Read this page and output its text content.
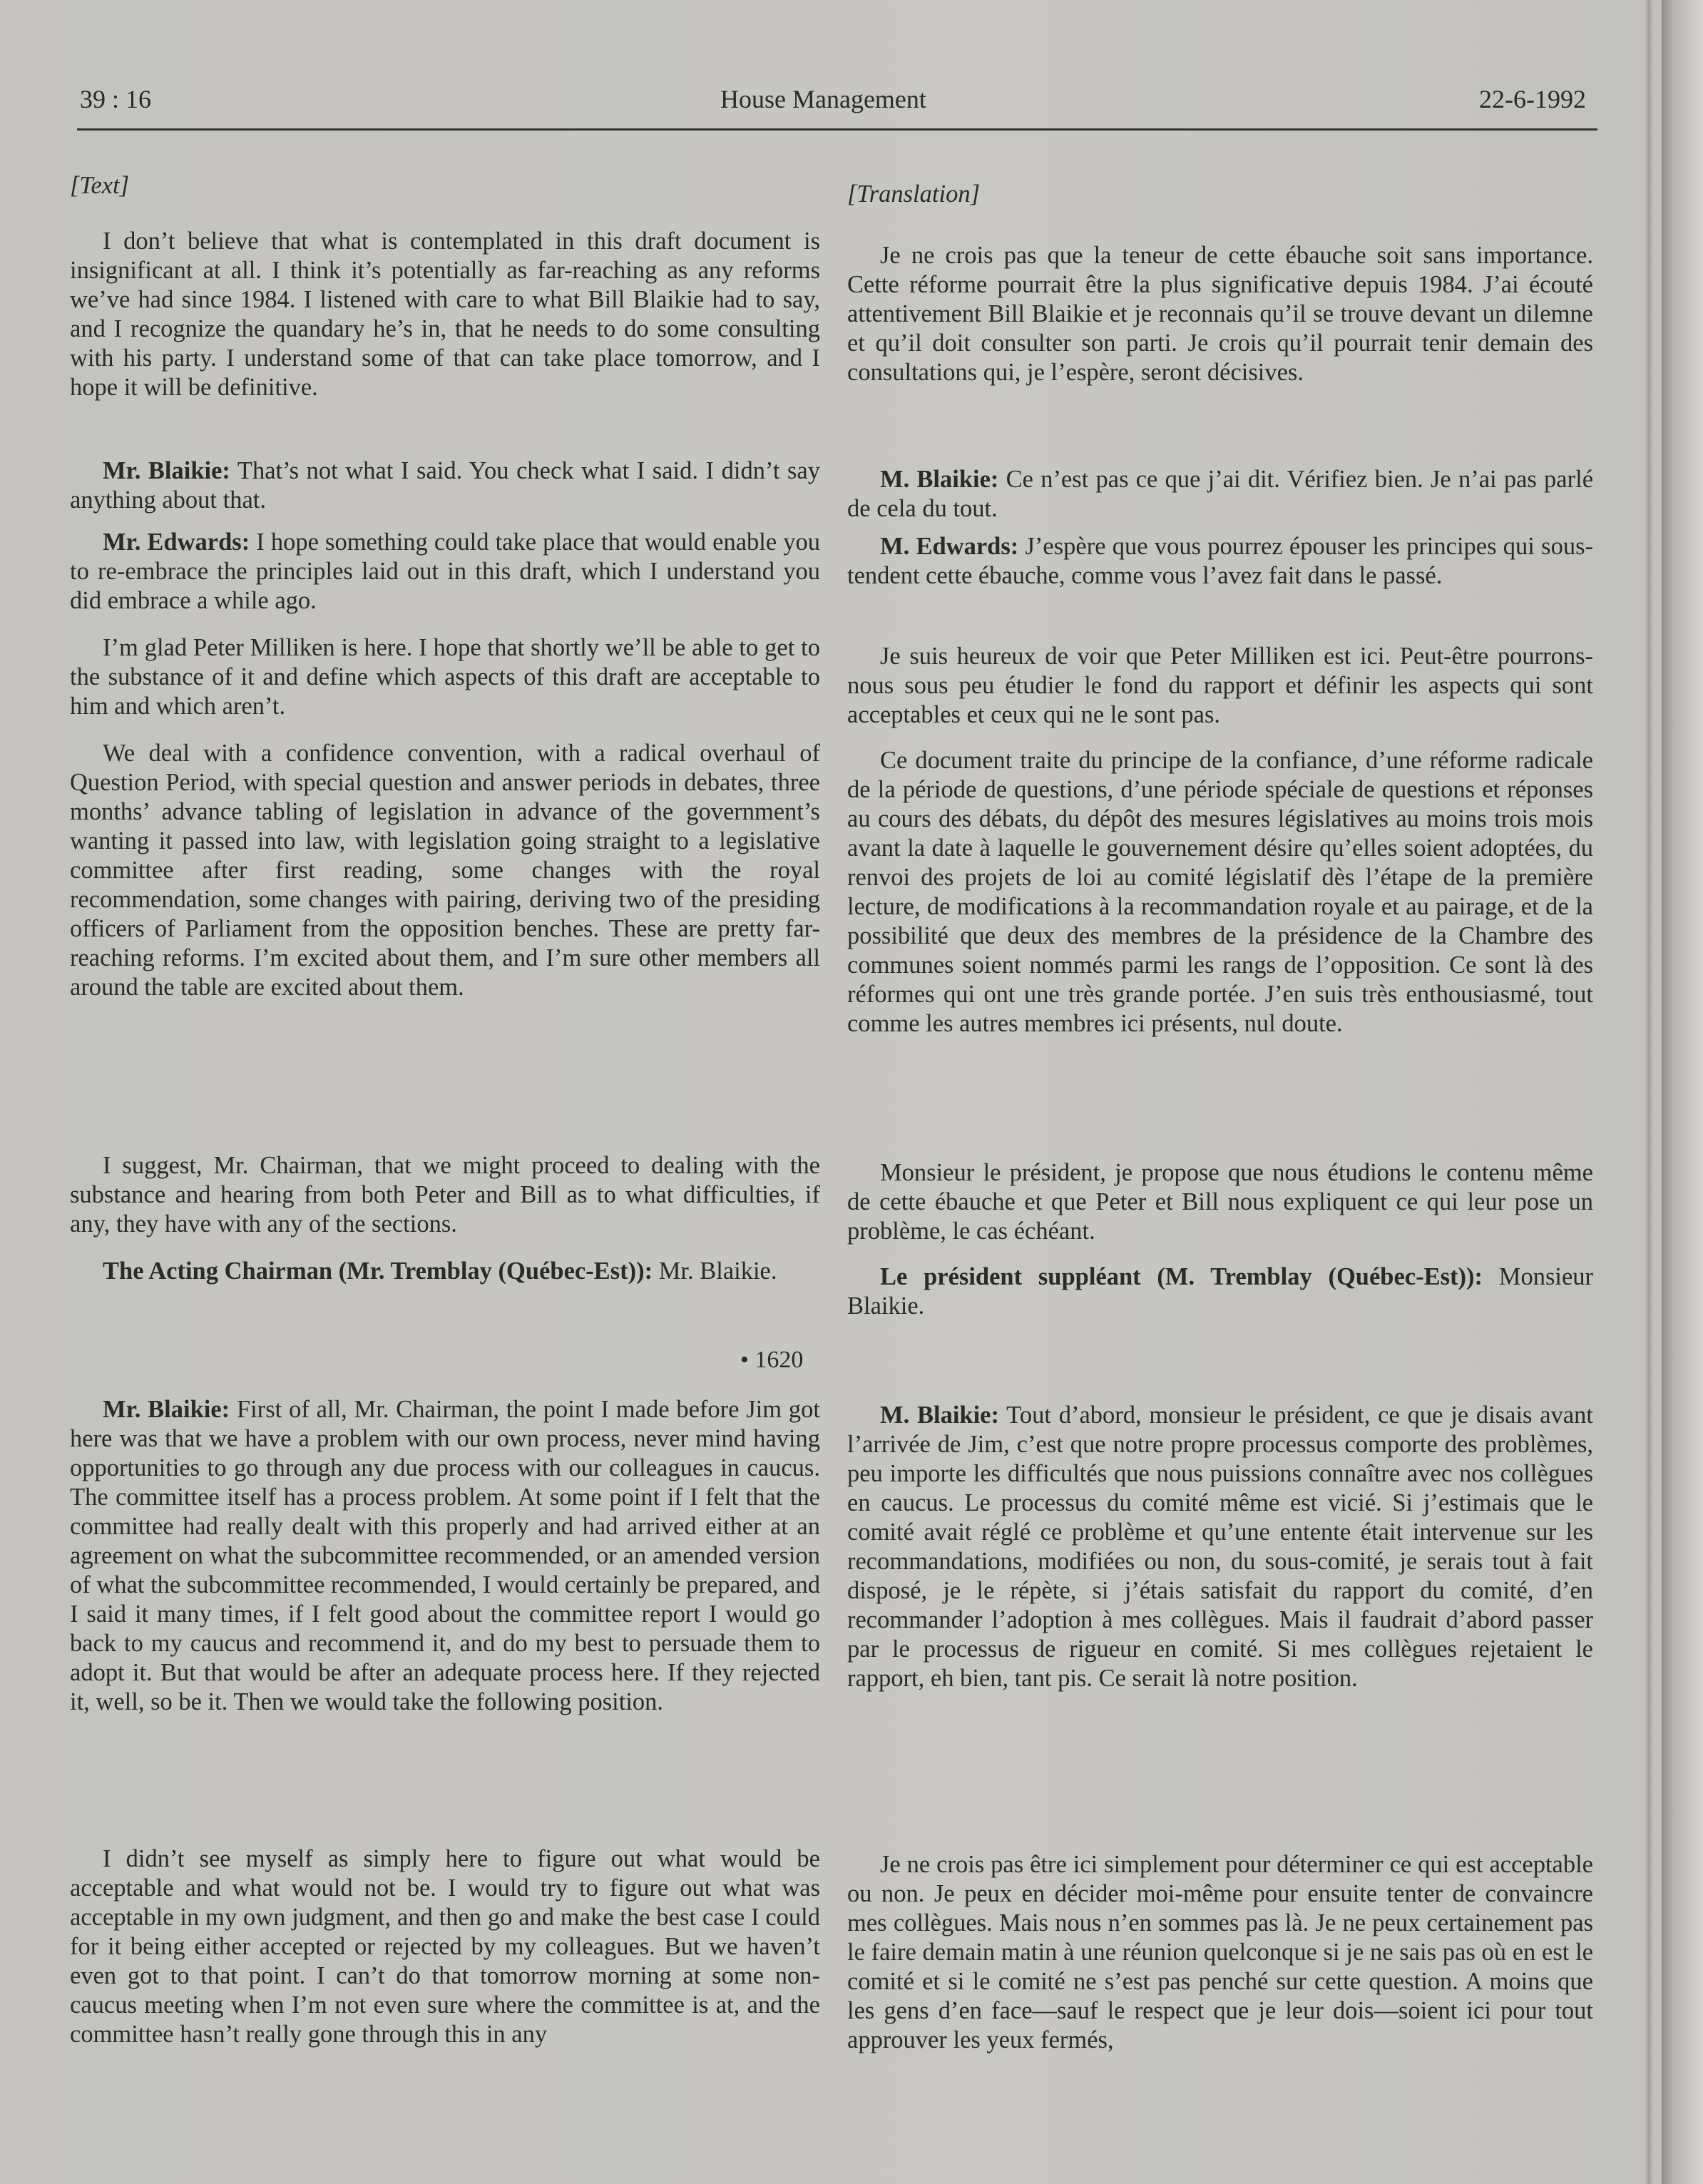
39 : 16	House Management	22-6-1992

[Text]

I don’t believe that what is contemplated in this draft document is insignificant at all. I think it’s potentially as far-reaching as any reforms we’ve had since 1984. I listened with care to what Bill Blaikie had to say, and I recognize the quandary he’s in, that he needs to do some consulting with his party. I understand some of that can take place tomorrow, and I hope it will be definitive.

Mr. Blaikie: That’s not what I said. You check what I said. I didn’t say anything about that.

Mr. Edwards: I hope something could take place that would enable you to re-embrace the principles laid out in this draft, which I understand you did embrace a while ago.

I’m glad Peter Milliken is here. I hope that shortly we’ll be able to get to the substance of it and define which aspects of this draft are acceptable to him and which aren’t.

We deal with a confidence convention, with a radical overhaul of Question Period, with special question and answer periods in debates, three months’ advance tabling of legislation in advance of the government’s wanting it passed into law, with legislation going straight to a legislative committee after first reading, some changes with the royal recommendation, some changes with pairing, deriving two of the presiding officers of Parliament from the opposition benches. These are pretty far-reaching reforms. I’m excited about them, and I’m sure other members all around the table are excited about them.

I suggest, Mr. Chairman, that we might proceed to dealing with the substance and hearing from both Peter and Bill as to what difficulties, if any, they have with any of the sections.

The Acting Chairman (Mr. Tremblay (Québec-Est)): Mr. Blaikie.

• 1620

Mr. Blaikie: First of all, Mr. Chairman, the point I made before Jim got here was that we have a problem with our own process, never mind having opportunities to go through any due process with our colleagues in caucus. The committee itself has a process problem. At some point if I felt that the committee had really dealt with this properly and had arrived either at an agreement on what the subcommittee recommended, or an amended version of what the subcommittee recommended, I would certainly be prepared, and I said it many times, if I felt good about the committee report I would go back to my caucus and recommend it, and do my best to persuade them to adopt it. But that would be after an adequate process here. If they rejected it, well, so be it. Then we would take the following position.

I didn’t see myself as simply here to figure out what would be acceptable and what would not be. I would try to figure out what was acceptable in my own judgment, and then go and make the best case I could for it being either accepted or rejected by my colleagues. But we haven’t even got to that point. I can’t do that tomorrow morning at some non-caucus meeting when I’m not even sure where the committee is at, and the committee hasn’t really gone through this in any

[Translation]

Je ne crois pas que la teneur de cette ébauche soit sans importance. Cette réforme pourrait être la plus significative depuis 1984. J’ai écouté attentivement Bill Blaikie et je reconnais qu’il se trouve devant un dilemne et qu’il doit consulter son parti. Je crois qu’il pourrait tenir demain des consultations qui, je l’espère, seront décisives.

M. Blaikie: Ce n’est pas ce que j’ai dit. Vérifiez bien. Je n’ai pas parlé de cela du tout.

M. Edwards: J’espère que vous pourrez épouser les principes qui sous-tendent cette ébauche, comme vous l’avez fait dans le passé.

Je suis heureux de voir que Peter Milliken est ici. Peut-être pourrons-nous sous peu étudier le fond du rapport et définir les aspects qui sont acceptables et ceux qui ne le sont pas.

Ce document traite du principe de la confiance, d’une réforme radicale de la période de questions, d’une période spéciale de questions et réponses au cours des débats, du dépôt des mesures législatives au moins trois mois avant la date à laquelle le gouvernement désire qu’elles soient adoptées, du renvoi des projets de loi au comité législatif dès l’étape de la première lecture, de modifications à la recommandation royale et au pairage, et de la possibilité que deux des membres de la présidence de la Chambre des communes soient nommés parmi les rangs de l’opposition. Ce sont là des réformes qui ont une très grande portée. J’en suis très enthousiasmé, tout comme les autres membres ici présents, nul doute.

Monsieur le président, je propose que nous étudions le contenu même de cette ébauche et que Peter et Bill nous expliquent ce qui leur pose un problème, le cas échéant.

Le président suppléant (M. Tremblay (Québec-Est)): Monsieur Blaikie.

M. Blaikie: Tout d’abord, monsieur le président, ce que je disais avant l’arrivée de Jim, c’est que notre propre processus comporte des problèmes, peu importe les difficultés que nous puissions connaître avec nos collègues en caucus. Le processus du comité même est vicié. Si j’estimais que le comité avait réglé ce problème et qu’une entente était intervenue sur les recommandations, modifiées ou non, du sous-comité, je serais tout à fait disposé, je le répète, si j’étais satisfait du rapport du comité, d’en recommander l’adoption à mes collègues. Mais il faudrait d’abord passer par le processus de rigueur en comité. Si mes collègues rejetaient le rapport, eh bien, tant pis. Ce serait là notre position.

Je ne crois pas être ici simplement pour déterminer ce qui est acceptable ou non. Je peux en décider moi-même pour ensuite tenter de convaincre mes collègues. Mais nous n’en sommes pas là. Je ne peux certainement pas le faire demain matin à une réunion quelconque si je ne sais pas où en est le comité et si le comité ne s’est pas penché sur cette question. A moins que les gens d’en face—sauf le respect que je leur dois—soient ici pour tout approuver les yeux fermés,
